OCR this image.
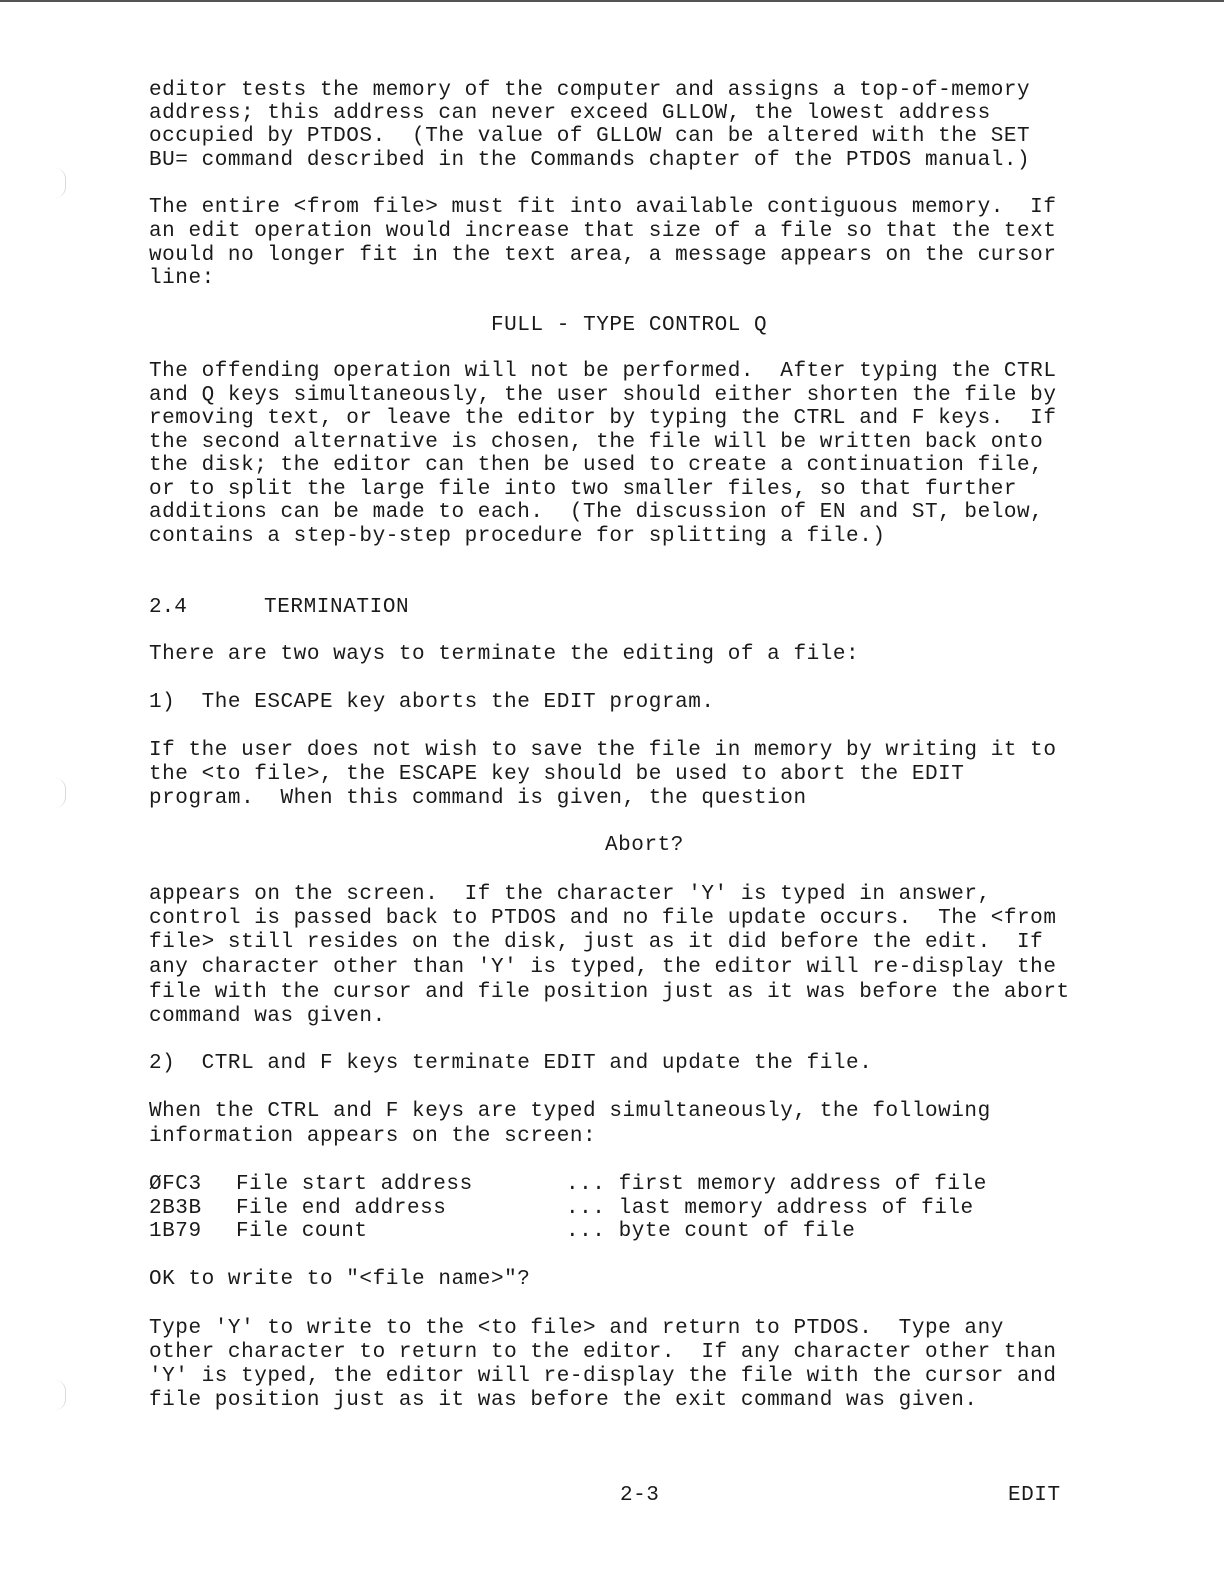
editor tests the memory of the computer and assigns a top-of-memory
address; this address can never exceed GLLOW, the lowest address
occupied by PTDOS.  (The value of GLLOW can be altered with the SET
BU= command described in the Commands chapter of the PTDOS manual.)
The entire <from file> must fit into available contiguous memory.  If
an edit operation would increase that size of a file so that the text
would no longer fit in the text area, a message appears on the cursor
line:
FULL - TYPE CONTROL Q
The offending operation will not be performed.  After typing the CTRL
and Q keys simultaneously, the user should either shorten the file by
removing text, or leave the editor by typing the CTRL and F keys.  If
the second alternative is chosen, the file will be written back onto
the disk; the editor can then be used to create a continuation file,
or to split the large file into two smaller files, so that further
additions can be made to each.  (The discussion of EN and ST, below,
contains a step-by-step procedure for splitting a file.)
2.4	TERMINATION
There are two ways to terminate the editing of a file:
1)  The ESCAPE key aborts the EDIT program.
If the user does not wish to save the file in memory by writing it to
the <to file>, the ESCAPE key should be used to abort the EDIT
program.  When this command is given, the question
Abort?
appears on the screen.  If the character 'Y' is typed in answer,
control is passed back to PTDOS and no file update occurs.  The <from
file> still resides on the disk, just as it did before the edit.  If
any character other than 'Y' is typed, the editor will re-display the
file with the cursor and file position just as it was before the abort
command was given.
2)  CTRL and F keys terminate EDIT and update the file.
When the CTRL and F keys are typed simultaneously, the following
information appears on the screen:
ØFC3 File start address	... first memory address of file
2B3B File end address	... last memory address of file
1B79 File count	... byte count of file
OK to write to "<file name>"?
Type 'Y' to write to the <to file> and return to PTDOS.  Type any
other character to return to the editor.  If any character other than
'Y' is typed, the editor will re-display the file with the cursor and
file position just as it was before the exit command was given.
2-3	EDIT
